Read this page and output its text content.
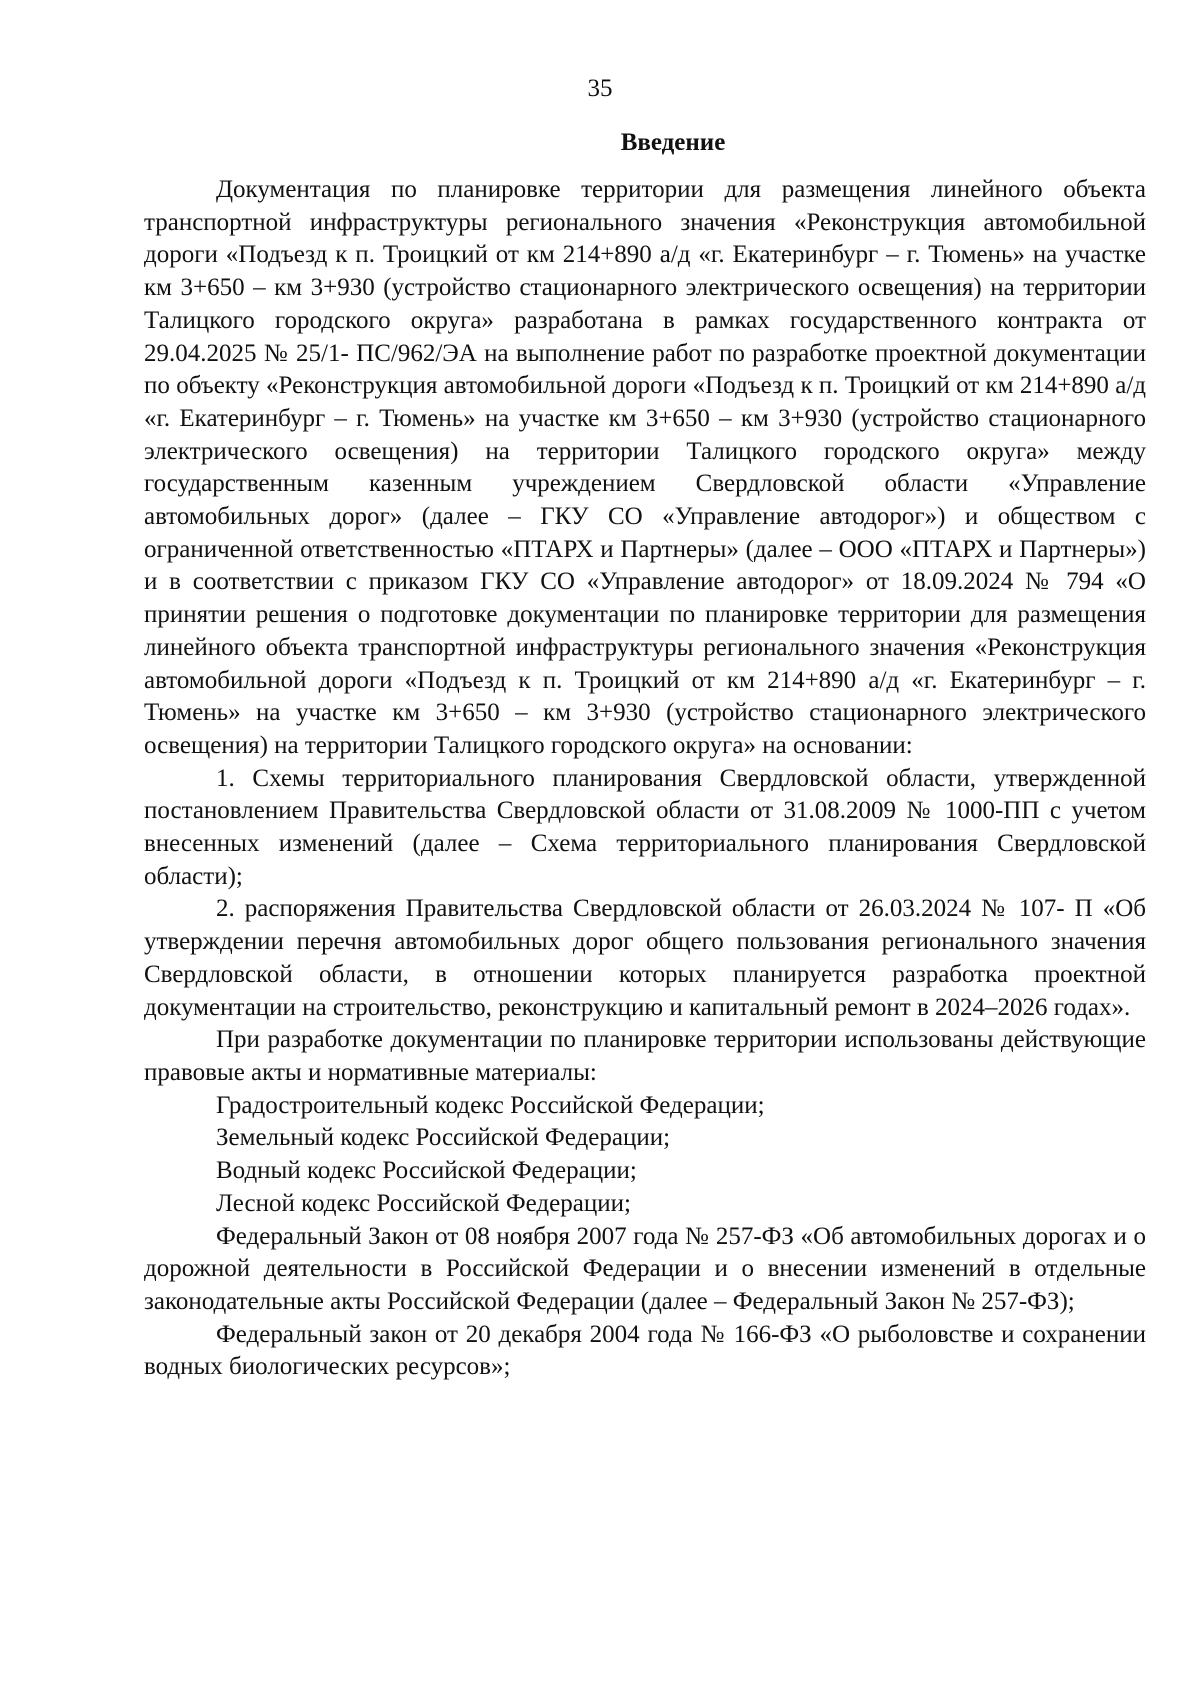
35
Введение

Документация по планировке территории для размещения линейного объекта транспортной инфраструктуры регионального значения «Реконструкция автомобильной дороги «Подъезд к п. Троицкий от км 214+890 а/д «г. Екатеринбург – г. Тюмень» на участке км 3+650 – км 3+930 (устройство стационарного электрического освещения) на территории Талицкого городского округа» разработана в рамках государственного контракта от 29.04.2025 № 25/1- ПС/962/ЭА на выполнение работ по разработке проектной документации по объекту «Реконструкция автомобильной дороги «Подъезд к п. Троицкий от км 214+890 а/д «г. Екатеринбург – г. Тюмень» на участке км 3+650 – км 3+930 (устройство стационарного электрического освещения) на территории Талицкого городского округа» между государственным казенным учреждением Свердловской области «Управление автомобильных дорог» (далее – ГКУ СО «Управление автодорог») и обществом с ограниченной ответственностью «ПТАРХ и Партнеры» (далее – ООО «ПТАРХ и Партнеры») и в соответствии с приказом ГКУ СО «Управление автодорог» от 18.09.2024 № 794 «О принятии решения о подготовке документации по планировке территории для размещения линейного объекта транспортной инфраструктуры регионального значения «Реконструкция автомобильной дороги «Подъезд к п. Троицкий от км 214+890 а/д «г. Екатеринбург – г. Тюмень» на участке км 3+650 – км 3+930 (устройство стационарного электрического освещения) на территории Талицкого городского округа» на основании:

1. Схемы территориального планирования Свердловской области, утвержденной постановлением Правительства Свердловской области от 31.08.2009 № 1000-ПП с учетом внесенных изменений (далее – Схема территориального планирования Свердловской области);

2. распоряжения Правительства Свердловской области от 26.03.2024 № 107- П «Об утверждении перечня автомобильных дорог общего пользования регионального значения Свердловской области, в отношении которых планируется разработка проектной документации на строительство, реконструкцию и капитальный ремонт в 2024–2026 годах».

При разработке документации по планировке территории использованы действующие правовые акты и нормативные материалы:

Градостроительный кодекс Российской Федерации;

Земельный кодекс Российской Федерации;

Водный кодекс Российской Федерации;

Лесной кодекс Российской Федерации;

Федеральный Закон от 08 ноября 2007 года № 257-ФЗ «Об автомобильных дорогах и о дорожной деятельности в Российской Федерации и о внесении изменений в отдельные законодательные акты Российской Федерации (далее – Федеральный Закон № 257-ФЗ);

Федеральный закон от 20 декабря 2004 года № 166-ФЗ «О рыболовстве и сохранении водных биологических ресурсов»;
